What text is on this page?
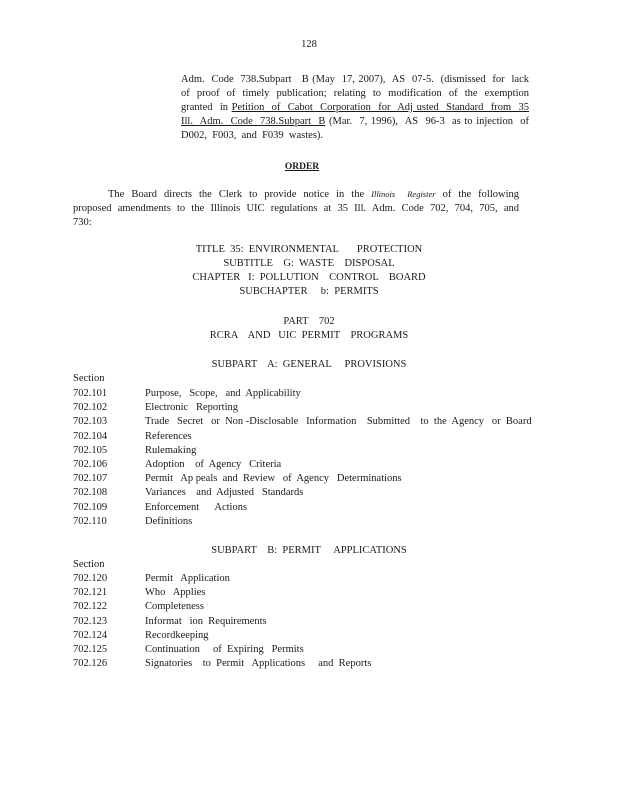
128

Adm.  Code  738.Subpart   B (May  17, 2007),  AS  07-5.  (dismissed  for  lack

of  proof  of  timely  publication;  relating  to  modification  of  the  exemption

granted  in Petition  of  Cabot  Corporation  for  Adj usted  Standard  from  35

Ill.  Adm.  Code  738.Subpart  B (Mar.  7, 1996),  AS  96-3  as to injection  of

D002,  F003,  and  F039  wastes).

ORDER

The  Board  directs  the  Clerk  to  provide  notice  in  the  Illinois    Register  of  the  following

proposed  amendments  to  the  Illinois  UIC  regulations  at  35  Ill.  Adm.  Code  702,  704,  705,  and

730:

TITLE  35:  ENVIRONMENTAL       PROTECTION
SUBTITLE    G:  WASTE    DISPOSAL
CHAPTER   I:  POLLUTION    CONTROL    BOARD
SUBCHAPTER     b:  PERMITS
PART    702
RCRA    AND   UIC  PERMIT    PROGRAMS
SUBPART    A:  GENERAL     PROVISIONS
Section
702.101	Purpose,   Scope,   and  Applicability
702.102	Electronic   Reporting
702.103	Trade   Secret   or  Non -Disclosable   Information    Submitted    to  the  Agency   or  Board
702.104	References
702.105	Rulemaking
702.106	Adoption    of  Agency   Criteria
702.107	Permit   Ap peals  and  Review   of  Agency   Determinations
702.108	Variances    and  Adjusted   Standards
702.109	Enforcement      Actions
702.110	Definitions
SUBPART    B:  PERMIT     APPLICATIONS
Section
702.120	Permit   Application
702.121	Who   Applies
702.122	Completeness
702.123	Informat   ion  Requirements
702.124	Recordkeeping
702.125	Continuation     of  Expiring   Permits
702.126	Signatories    to  Permit   Applications     and  Reports
